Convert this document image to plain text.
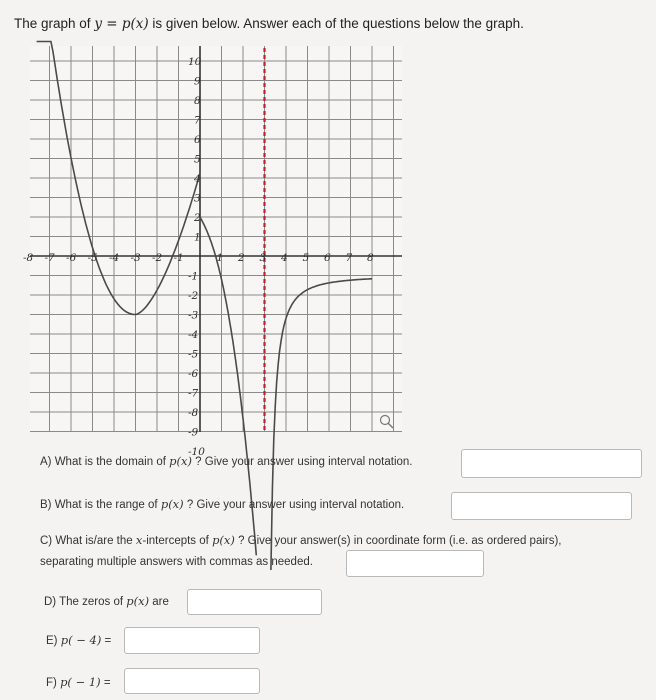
The graph of y = p(x) is given below. Answer each of the questions below the graph.
-8 -7 -6 -5 -4 -3 -2 -1	1 2 3 4 5 6 7 8
10
9
8
7
6
5
4
3
2
1
-1
-2
-3
-4
-5
-6
-7
-8
-9
-10
A) What is the domain of p(x) ? Give your answer using interval notation.
B) What is the range of p(x) ? Give your answer using interval notation.
C) What is/are the x-intercepts of p(x) ? Give your answer(s) in coordinate form (i.e. as ordered pairs),
separating multiple answers with commas as needed.
D) The zeros of p(x) are
E) p( − 4) =
F) p( − 1) =
